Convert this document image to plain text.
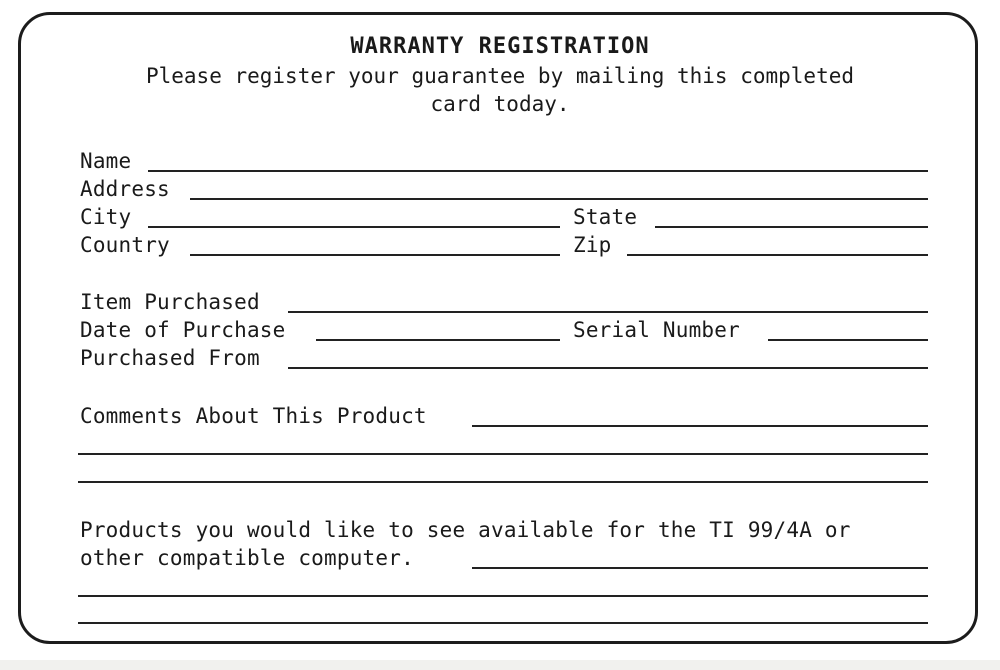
WARRANTY REGISTRATION
Please register your guarantee by mailing this completed
card today.
Name
Address
City	State
Country	Zip
Item Purchased
Date of Purchase	Serial Number
Purchased From
Comments About This Product
Products you would like to see available for the TI 99/4A or
other compatible computer.
